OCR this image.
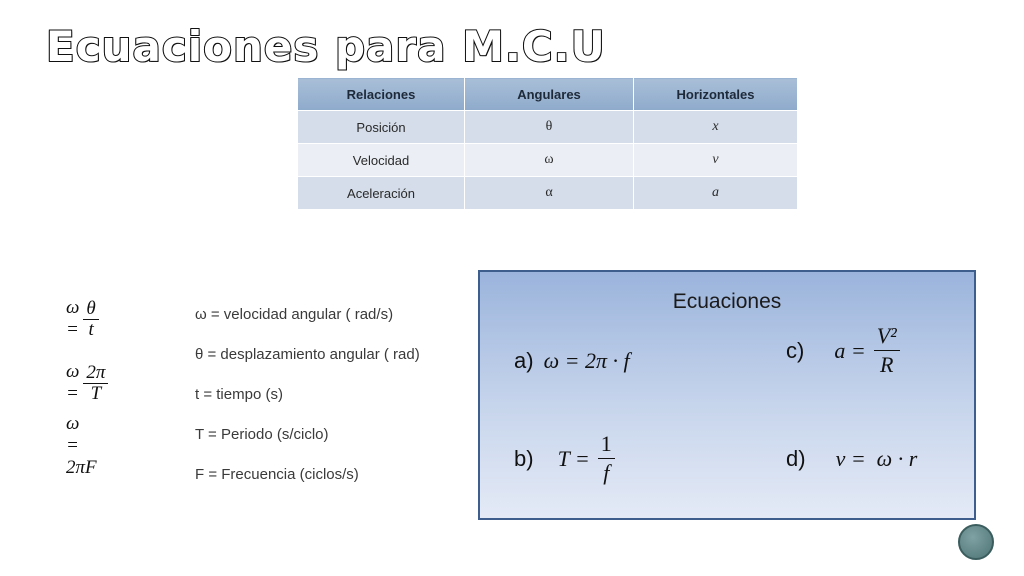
Ecuaciones para M.C.U
Relaciones	Angulares	Horizontales
Posición	θ	x
Velocidad	ω	v
Aceleración	α	a
$\omega = \frac{\theta}{t}$
$\omega = \frac{2\pi}{T}$
ω = 2πF
ω = velocidad angular ( rad/s)
θ = desplazamiento angular ( rad)
t = tiempo (s)
T = Periodo (s/ciclo)
F = Frecuencia (ciclos/s)
Ecuaciones
a) ω = 2π · f	c) $a = \frac{\text{V²}}{R}$
b) $T = \frac{1}{f}$	d) v =  ω · r
